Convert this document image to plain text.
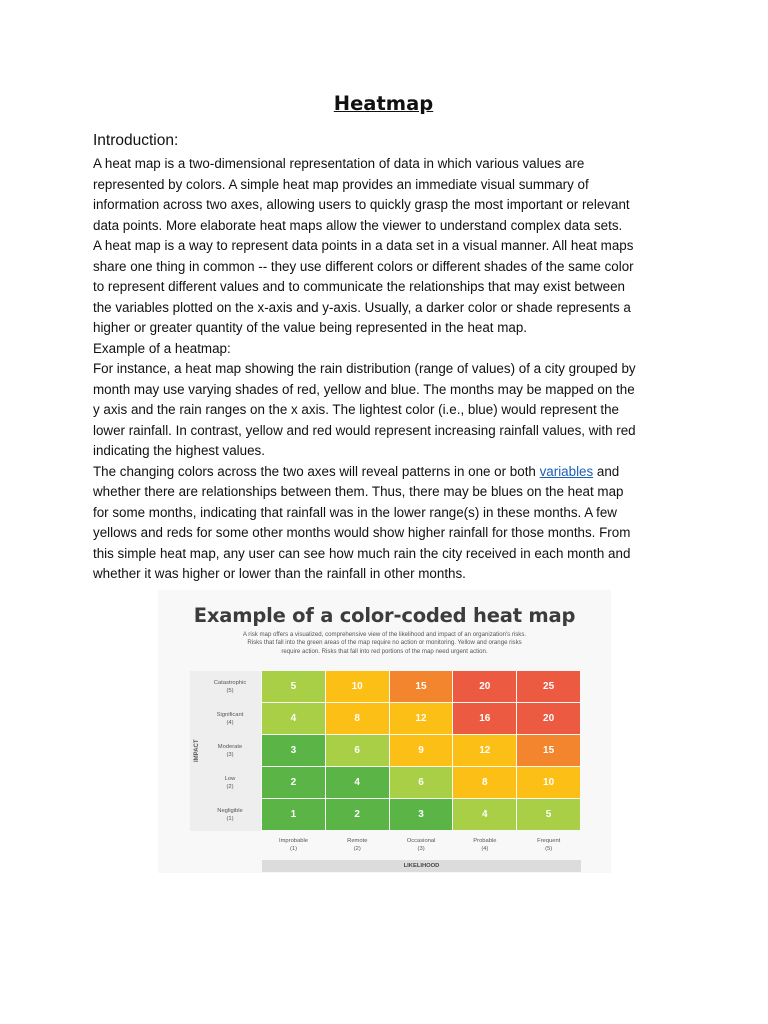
Heatmap
Introduction:

A heat map is a two-dimensional representation of data in which various values are
represented by colors. A simple heat map provides an immediate visual summary of
information across two axes, allowing users to quickly grasp the most important or relevant
data points. More elaborate heat maps allow the viewer to understand complex data sets.

A heat map is a way to represent data points in a data set in a visual manner. All heat maps
share one thing in common -- they use different colors or different shades of the same color
to represent different values and to communicate the relationships that may exist between
the variables plotted on the x-axis and y-axis. Usually, a darker color or shade represents a
higher or greater quantity of the value being represented in the heat map.

Example of a heatmap:

For instance, a heat map showing the rain distribution (range of values) of a city grouped by
month may use varying shades of red, yellow and blue. The months may be mapped on the
y axis and the rain ranges on the x axis. The lightest color (i.e., blue) would represent the
lower rainfall. In contrast, yellow and red would represent increasing rainfall values, with red
indicating the highest values.

The changing colors across the two axes will reveal patterns in one or both variables and
whether there are relationships between them. Thus, there may be blues on the heat map
for some months, indicating that rainfall was in the lower range(s) in these months. A few
yellows and reds for some other months would show higher rainfall for those months. From
this simple heat map, any user can see how much rain the city received in each month and
whether it was higher or lower than the rainfall in other months.

Example of a color-coded heat map
A risk map offers a visualized, comprehensive view of the likelihood and impact of an organization's risks.
Risks that fall into the green areas of the map require no action or monitoring. Yellow and orange risks
require action. Risks that fall into red portions of the map need urgent action.
IMPACT
Catastrophic
(5)
Significant
(4)
Moderate
(3)
Low
(2)
Negligible
(1)
5	10	15	20	25
4	8	12	16	20
3	6	9	12	15
2	4	6	8	10
1	2	3	4	5
Improbable
(1)
Remote
(2)
Occasional
(3)
Probable
(4)
Frequent
(5)
LIKELIHOOD
